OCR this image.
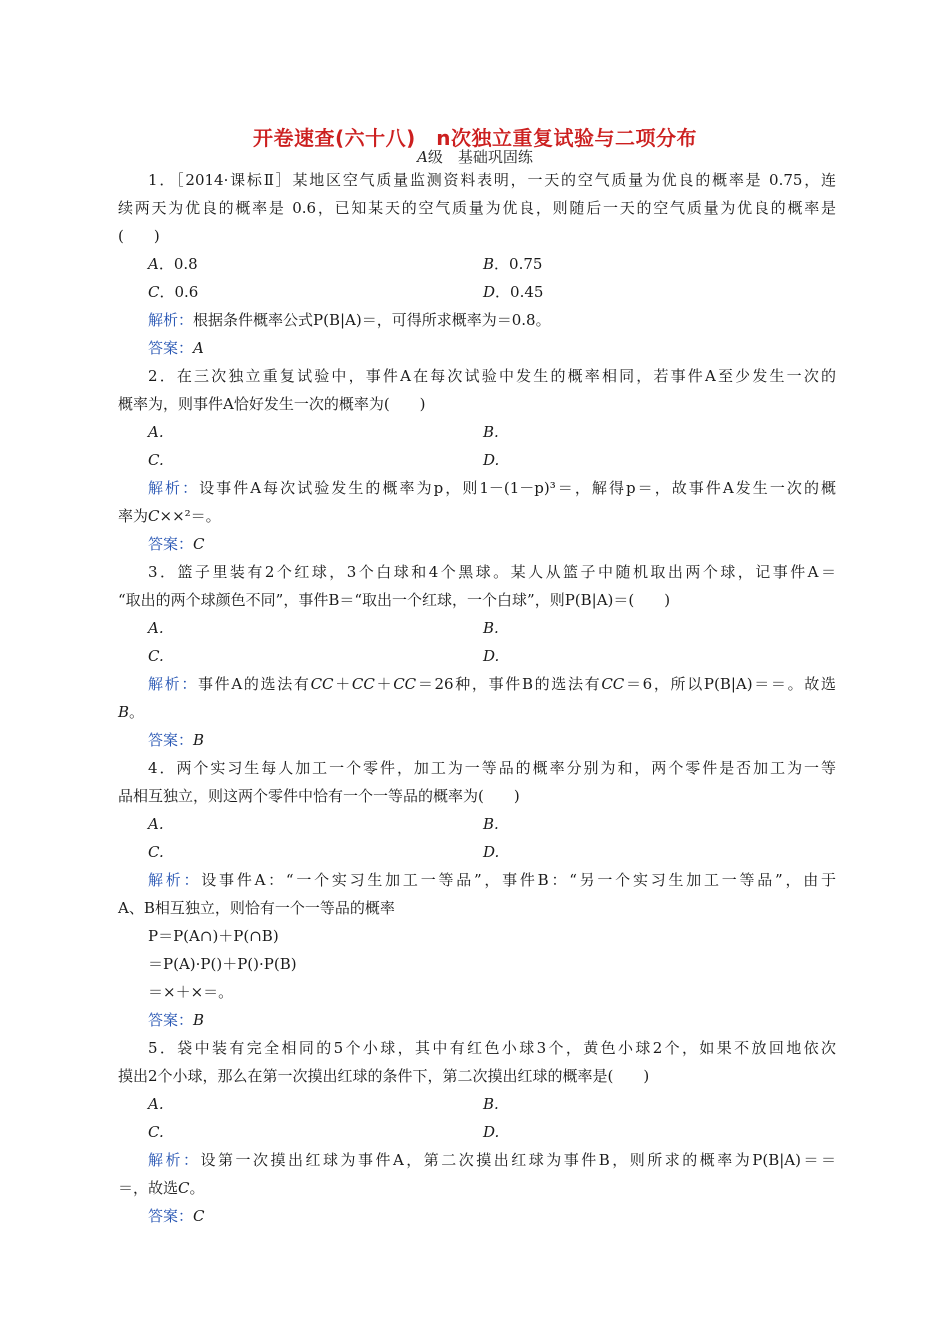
开卷速查(六十八)　n次独立重复试验与二项分布
A级　基础巩固练
1．［2014·课标Ⅱ］某地区空气质量监测资料表明，一天的空气质量为优良的概率是 0.75，连
续两天为优良的概率是 0.6，已知某天的空气质量为优良，则随后一天的空气质量为优良的概率是
(　　)
A．0.8	B．0.75
C．0.6	D．0.45
解析：根据条件概率公式P(B|A)＝，可得所求概率为＝0.8。
答案：A
2．在三次独立重复试验中，事件A在每次试验中发生的概率相同，若事件A至少发生一次的
概率为，则事件A恰好发生一次的概率为(　　)
A.	B.
C.	D.
解析：设事件A每次试验发生的概率为p，则1－(1－p)³＝，解得p＝，故事件A发生一次的概
率为C××²＝。
答案：C
3．篮子里装有2个红球，3个白球和4个黑球。某人从篮子中随机取出两个球，记事件A＝
“取出的两个球颜色不同”，事件B＝“取出一个红球，一个白球”，则P(B|A)＝(　　)
A.	B.
C.	D.
解析：事件A的选法有CC＋CC＋CC＝26种，事件B的选法有CC＝6，所以P(B|A)＝＝。故选
B。
答案：B
4．两个实习生每人加工一个零件，加工为一等品的概率分别为和，两个零件是否加工为一等
品相互独立，则这两个零件中恰有一个一等品的概率为(　　)
A.	B.
C.	D.
解析：设事件A：“一个实习生加工一等品”，事件B：“另一个实习生加工一等品”，由于
A、B相互独立，则恰有一个一等品的概率
P＝P(A∩)＋P(∩B)
＝P(A)·P()＋P()·P(B)
＝×＋×＝。
答案：B
5．袋中装有完全相同的5个小球，其中有红色小球3个，黄色小球2个，如果不放回地依次
摸出2个小球，那么在第一次摸出红球的条件下，第二次摸出红球的概率是(　　)
A.	B.
C.	D.
解析：设第一次摸出红球为事件A，第二次摸出红球为事件B，则所求的概率为P(B|A)＝＝
＝，故选C。
答案：C
